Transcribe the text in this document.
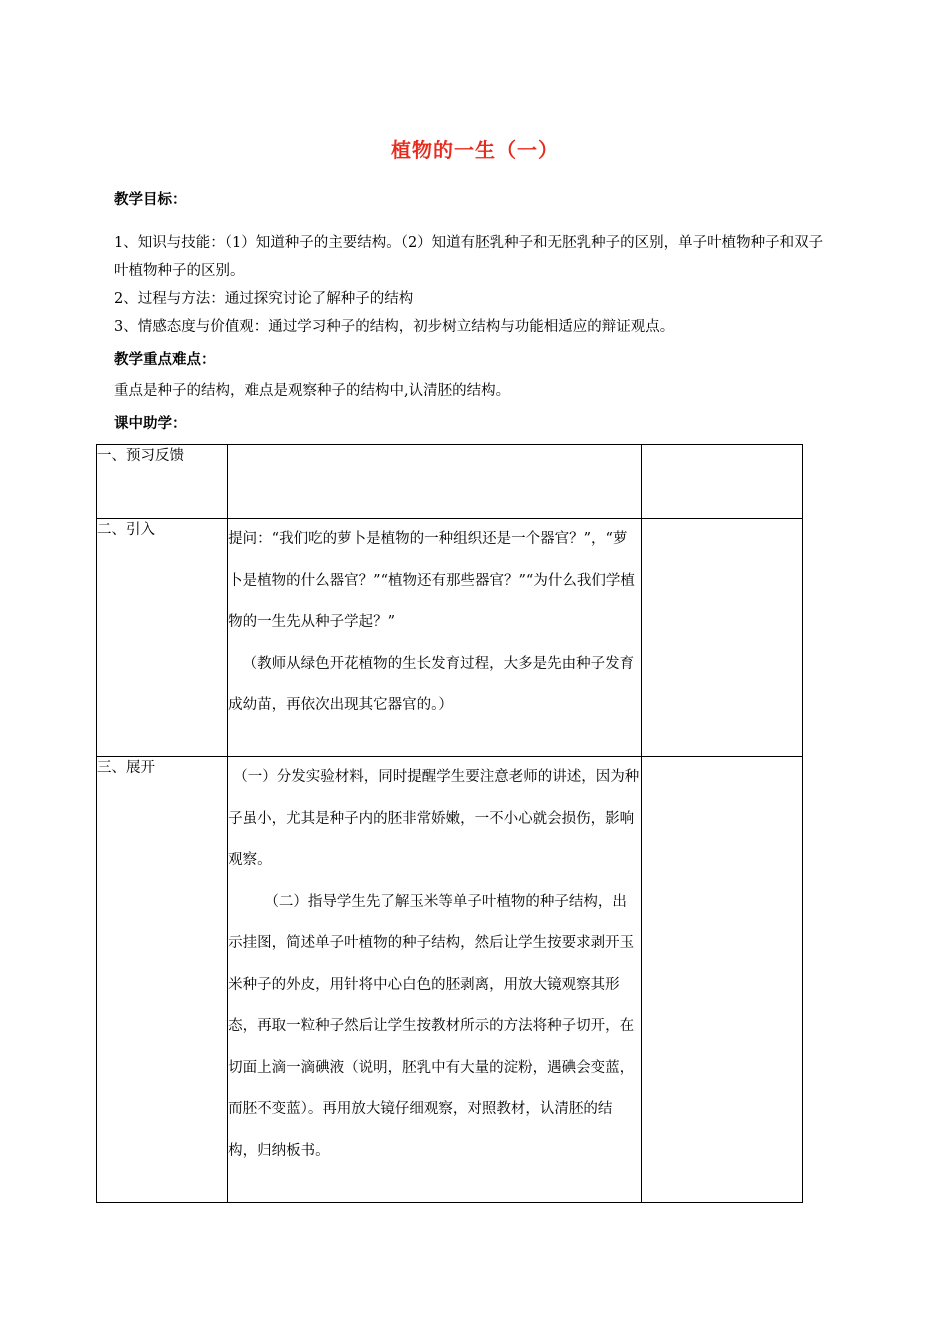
植物的一生（一）
教学目标：

1、知识与技能：（1）知道种子的主要结构。（2）知道有胚乳种子和无胚乳种子的区别，单子叶植物种子和双子叶植物种子的区别。

2、过程与方法：通过探究讨论了解种子的结构

3、情感态度与价值观：通过学习种子的结构，初步树立结构与功能相适应的辩证观点。

教学重点难点：

重点是种子的结构，难点是观察种子的结构中,认清胚的结构。

课中助学：
一、预习反馈		
二、引入	提问：“我们吃的萝卜是植物的一种组织还是一个器官？”，“萝卜是植物的什么器官？”“植物还有那些器官？”“为什么我们学植物的一生先从种子学起？”

（教师从绿色开花植物的生长发育过程，大多是先由种子发育成幼苗，再依次出现其它器官的。）	

三、展开	（一）分发实验材料，同时提醒学生要注意老师的讲述，因为种子虽小，尤其是种子内的胚非常娇嫩，一不小心就会损伤，影响观察。

（二）指导学生先了解玉米等单子叶植物的种子结构，出示挂图，简述单子叶植物的种子结构，然后让学生按要求剥开玉米种子的外皮，用针将中心白色的胚剥离，用放大镜观察其形态，再取一粒种子然后让学生按教材所示的方法将种子切开，在切面上滴一滴碘液（说明，胚乳中有大量的淀粉，遇碘会变蓝，而胚不变蓝）。再用放大镜仔细观察，对照教材，认清胚的结构，归纳板书。	
